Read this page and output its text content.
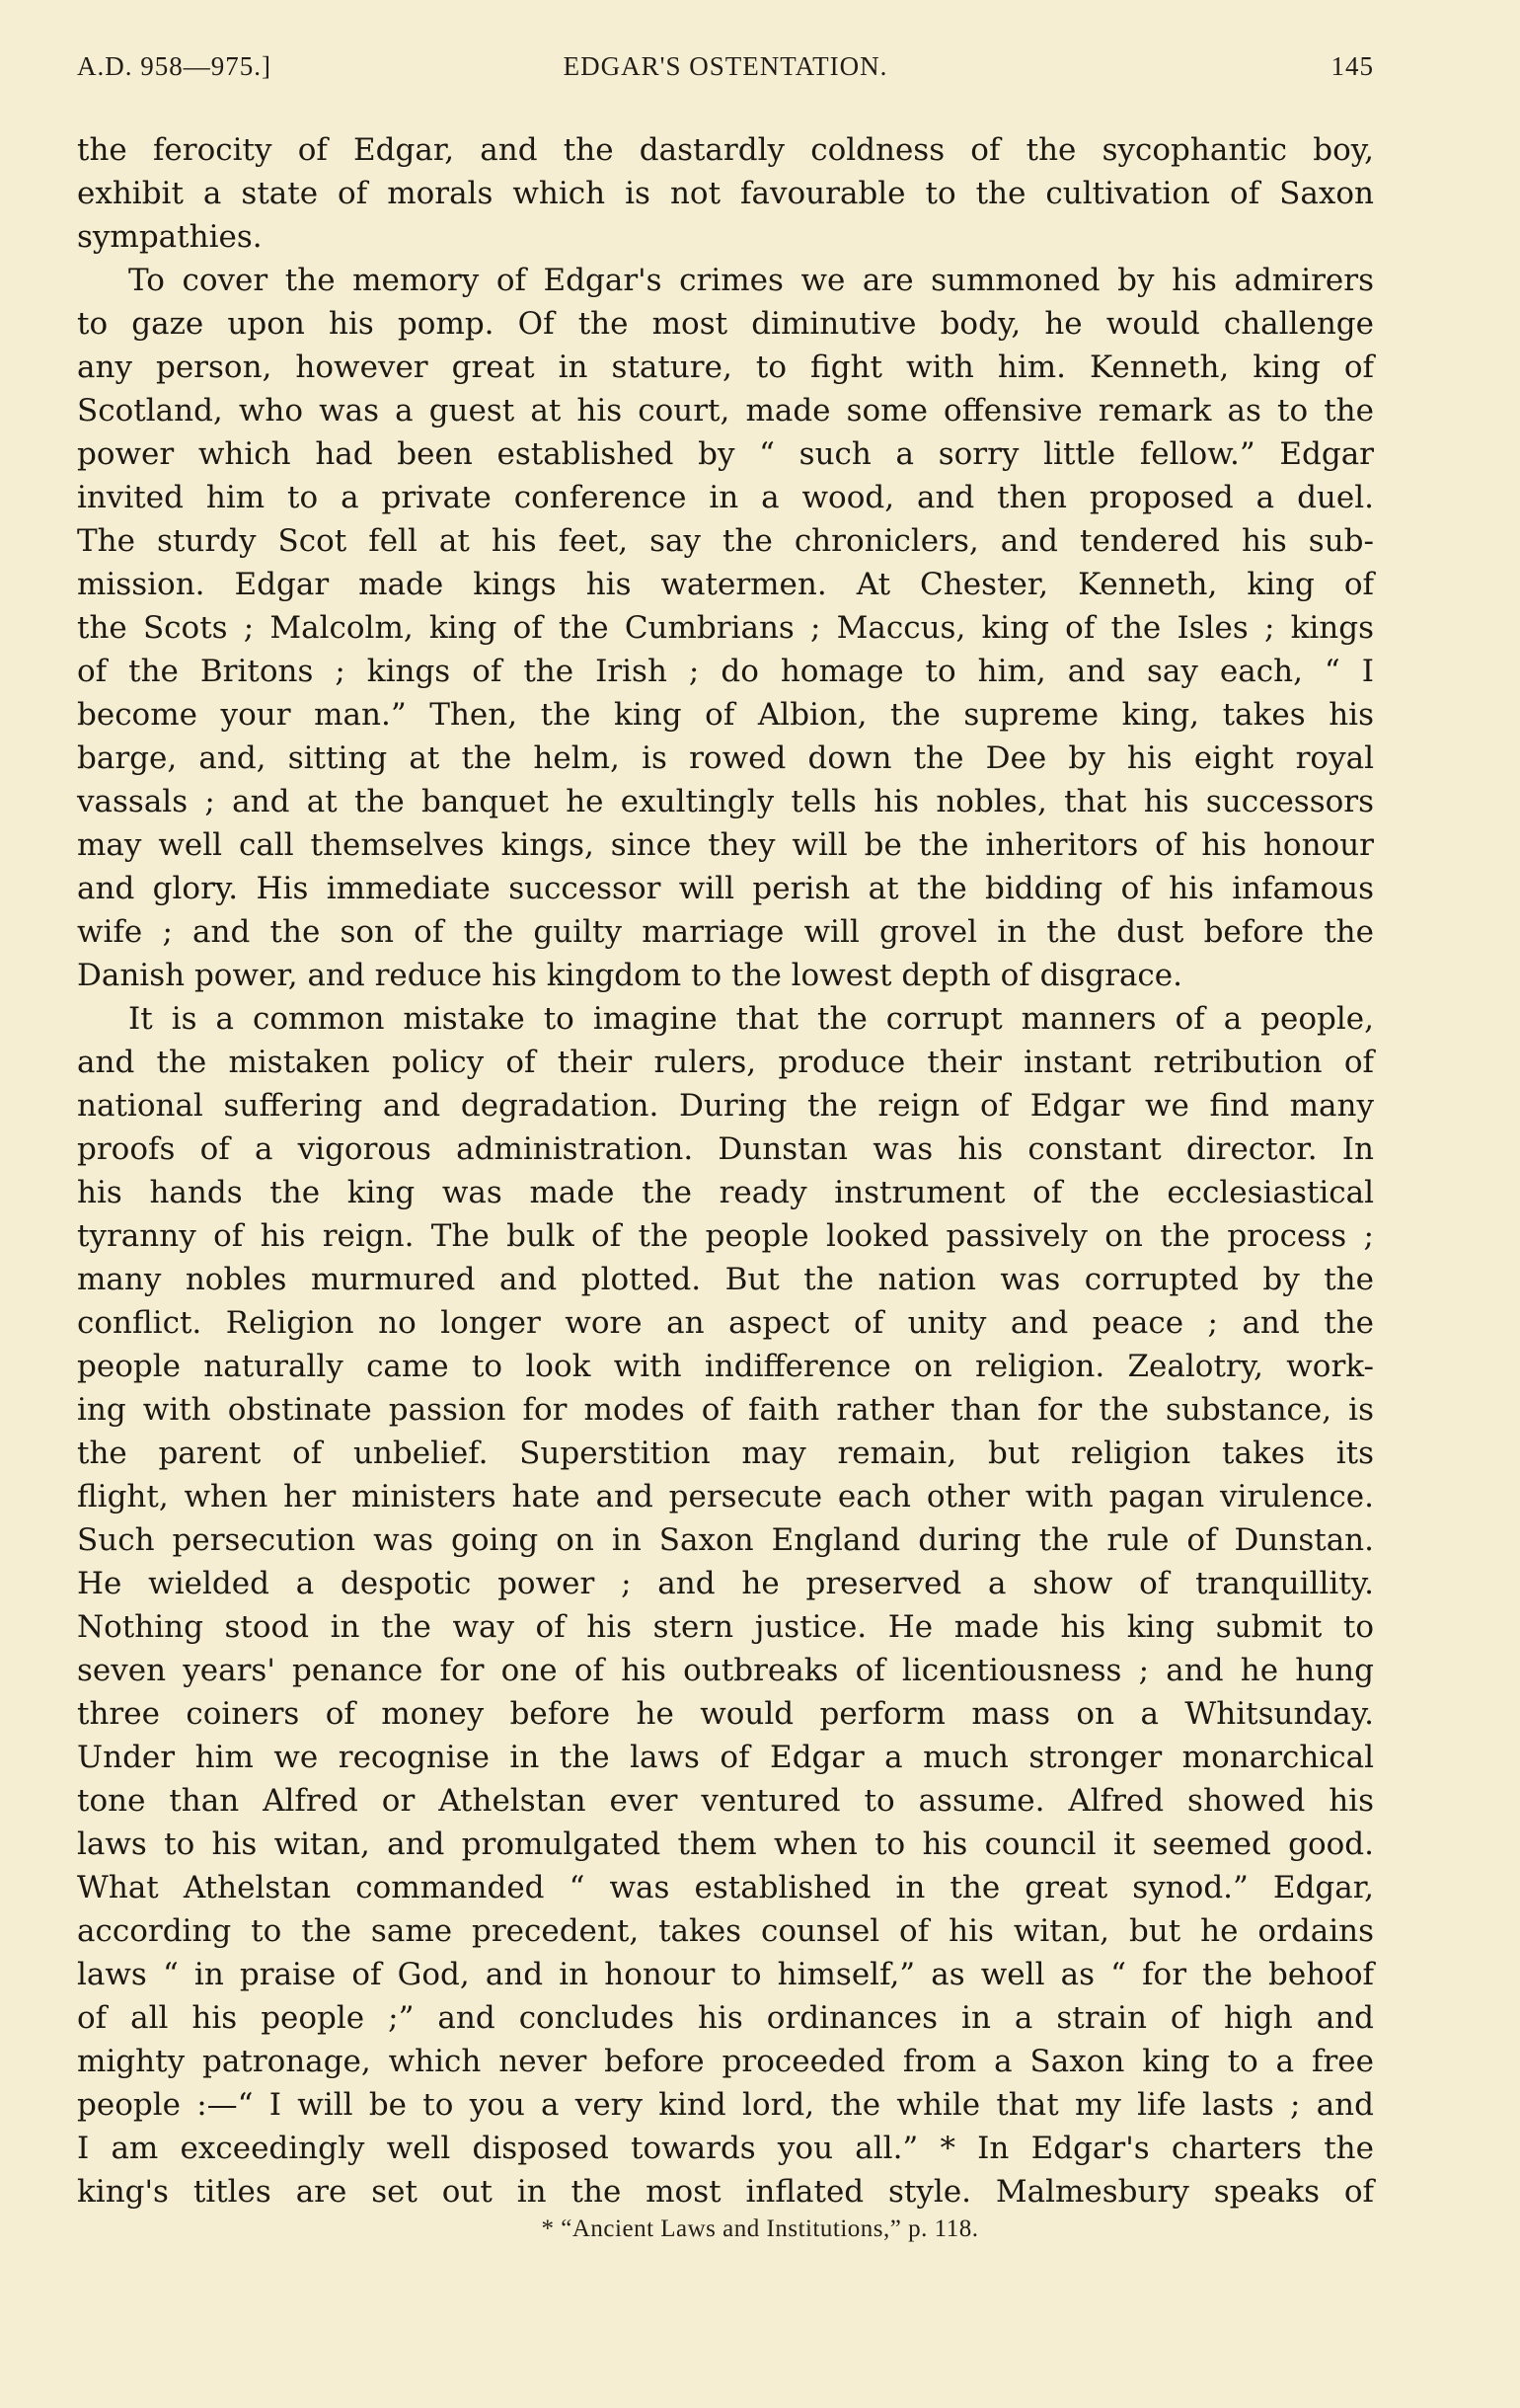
A.D. 958—975.]	EDGAR'S OSTENTATION.	145
the ferocity of Edgar, and the dastardly coldness of the sycophantic boy,
exhibit a state of morals which is not favourable to the cultivation of Saxon
sympathies.
To cover the memory of Edgar's crimes we are summoned by his admirers
to gaze upon his pomp. Of the most diminutive body, he would challenge
any person, however great in stature, to fight with him. Kenneth, king of
Scotland, who was a guest at his court, made some offensive remark as to the
power which had been established by “ such a sorry little fellow.” Edgar
invited him to a private conference in a wood, and then proposed a duel.
The sturdy Scot fell at his feet, say the chroniclers, and tendered his sub-
mission. Edgar made kings his watermen. At Chester, Kenneth, king of
the Scots ; Malcolm, king of the Cumbrians ; Maccus, king of the Isles ; kings
of the Britons ; kings of the Irish ; do homage to him, and say each, “ I
become your man.” Then, the king of Albion, the supreme king, takes his
barge, and, sitting at the helm, is rowed down the Dee by his eight royal
vassals ; and at the banquet he exultingly tells his nobles, that his successors
may well call themselves kings, since they will be the inheritors of his honour
and glory. His immediate successor will perish at the bidding of his infamous
wife ; and the son of the guilty marriage will grovel in the dust before the
Danish power, and reduce his kingdom to the lowest depth of disgrace.
It is a common mistake to imagine that the corrupt manners of a people,
and the mistaken policy of their rulers, produce their instant retribution of
national suffering and degradation. During the reign of Edgar we find many
proofs of a vigorous administration. Dunstan was his constant director. In
his hands the king was made the ready instrument of the ecclesiastical
tyranny of his reign. The bulk of the people looked passively on the process ;
many nobles murmured and plotted. But the nation was corrupted by the
conflict. Religion no longer wore an aspect of unity and peace ; and the
people naturally came to look with indifference on religion. Zealotry, work-
ing with obstinate passion for modes of faith rather than for the substance, is
the parent of unbelief. Superstition may remain, but religion takes its
flight, when her ministers hate and persecute each other with pagan virulence.
Such persecution was going on in Saxon England during the rule of Dunstan.
He wielded a despotic power ; and he preserved a show of tranquillity.
Nothing stood in the way of his stern justice. He made his king submit to
seven years' penance for one of his outbreaks of licentiousness ; and he hung
three coiners of money before he would perform mass on a Whitsunday.
Under him we recognise in the laws of Edgar a much stronger monarchical
tone than Alfred or Athelstan ever ventured to assume. Alfred showed his
laws to his witan, and promulgated them when to his council it seemed good.
What Athelstan commanded “ was established in the great synod.” Edgar,
according to the same precedent, takes counsel of his witan, but he ordains
laws “ in praise of God, and in honour to himself,” as well as “ for the behoof
of all his people ;” and concludes his ordinances in a strain of high and
mighty patronage, which never before proceeded from a Saxon king to a free
people :—“ I will be to you a very kind lord, the while that my life lasts ; and
I am exceedingly well disposed towards you all.” * In Edgar's charters the
king's titles are set out in the most inflated style. Malmesbury speaks of
* “Ancient Laws and Institutions,” p. 118.
